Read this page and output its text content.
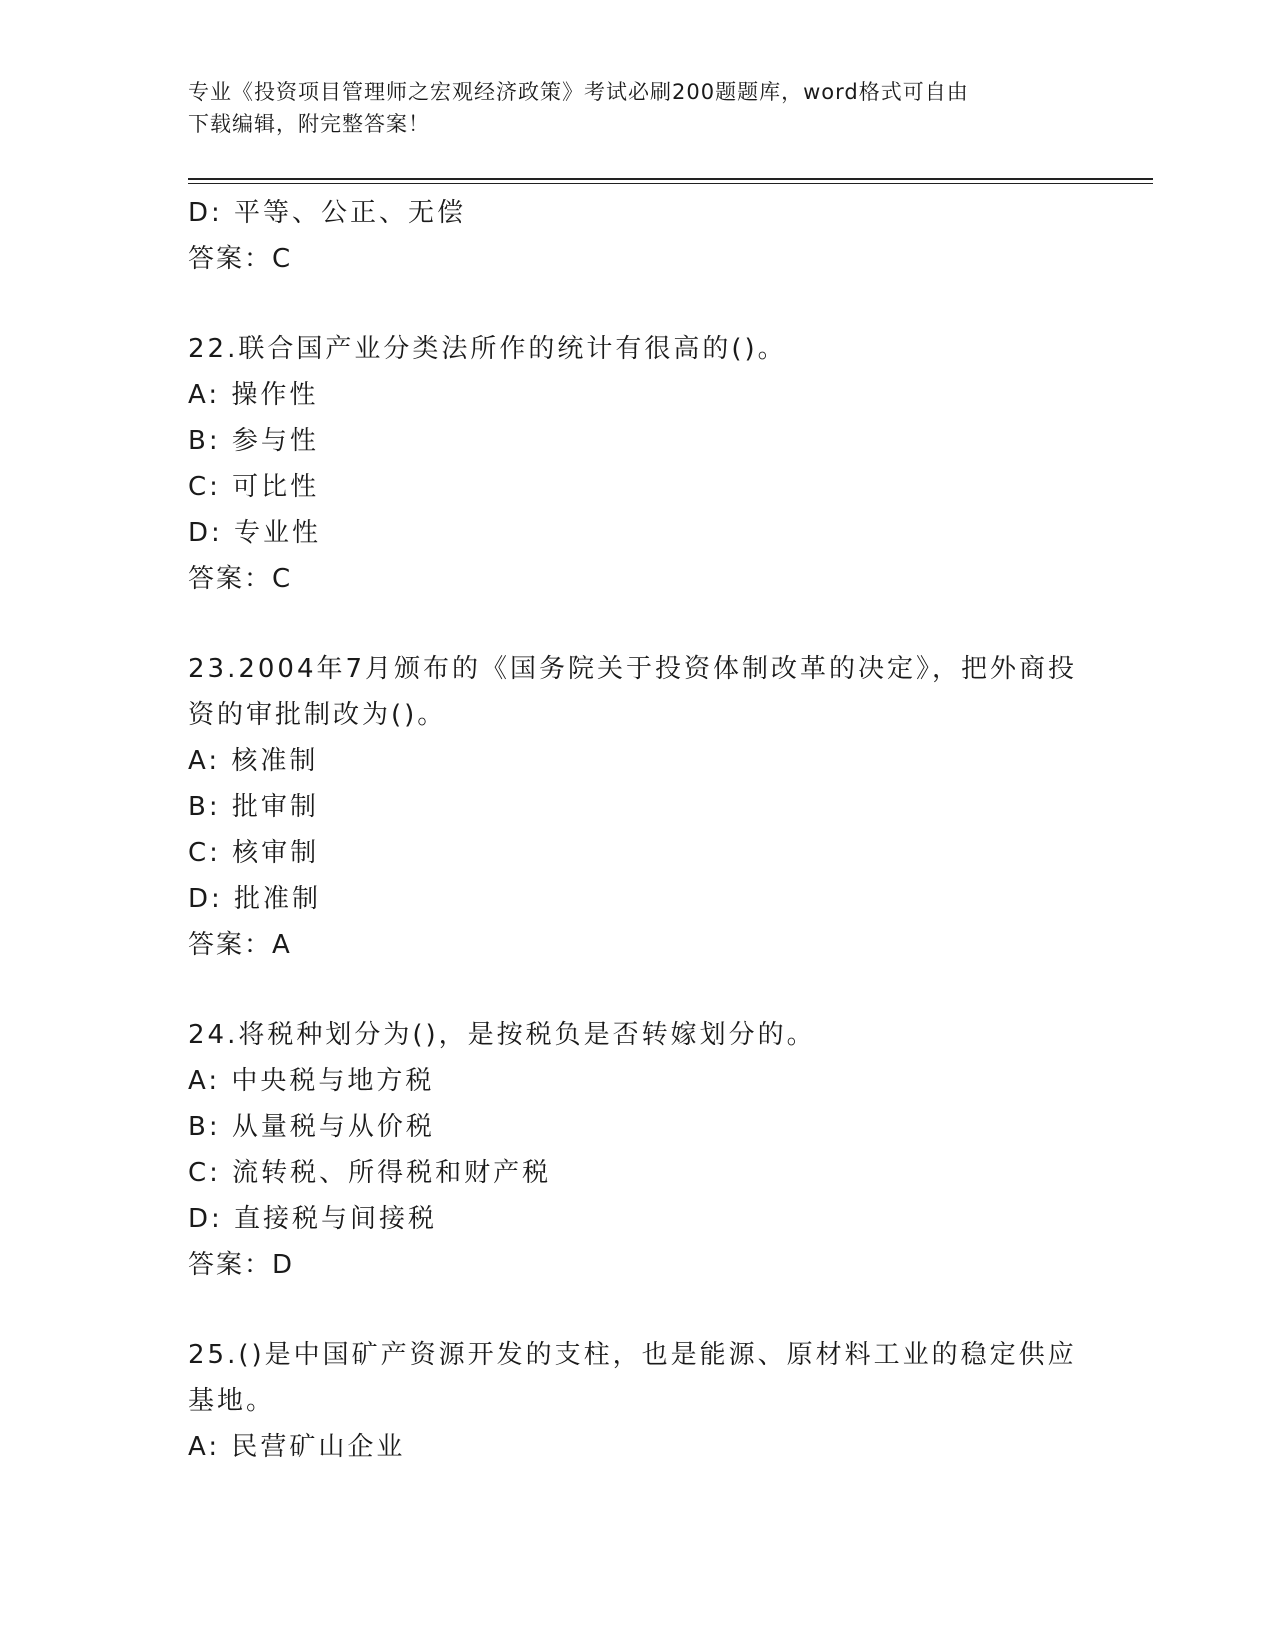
专业《投资项目管理师之宏观经济政策》考试必刷200题题库，word格式可自由
下载编辑，附完整答案！
D: 平等、公正、无偿
答案：C
22.联合国产业分类法所作的统计有很高的()。
A: 操作性
B: 参与性
C: 可比性
D: 专业性
答案：C
23.2004年7月颁布的《国务院关于投资体制改革的决定》，把外商投
资的审批制改为()。
A: 核准制
B: 批审制
C: 核审制
D: 批准制
答案：A
24.将税种划分为()，是按税负是否转嫁划分的。
A: 中央税与地方税
B: 从量税与从价税
C: 流转税、所得税和财产税
D: 直接税与间接税
答案：D
25.()是中国矿产资源开发的支柱，也是能源、原材料工业的稳定供应
基地。
A: 民营矿山企业
